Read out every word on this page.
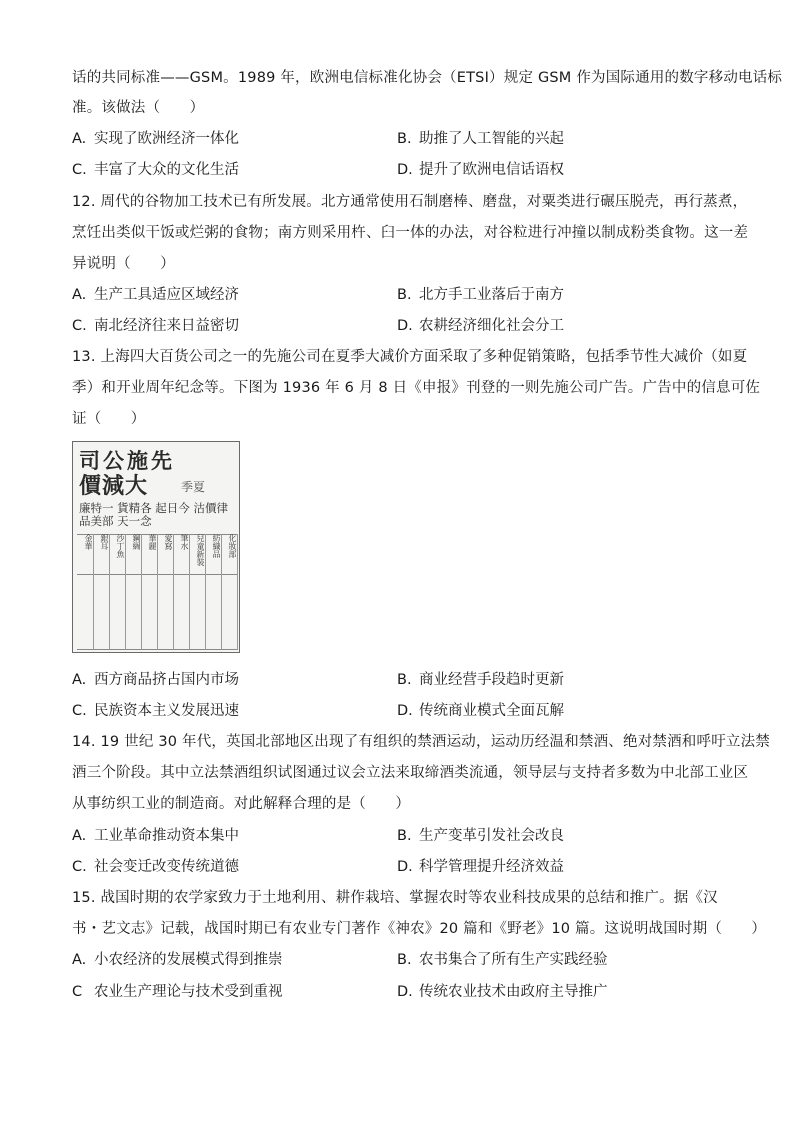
话的共同标准——GSM。1989 年，欧洲电信标准化协会（ETSI）规定 GSM 作为国际通用的数字移动电话标
准。该做法（　　）
A. 实现了欧洲经济一体化	B. 助推了人工智能的兴起
C. 丰富了大众的文化生活	D. 提升了欧洲电信话语权
12. 周代的谷物加工技术已有所发展。北方通常使用石制磨棒、磨盘，对粟类进行碾压脱壳，再行蒸煮，
烹饪出类似干饭或烂粥的食物；南方则采用杵、臼一体的办法，对谷粒进行冲撞以制成粉类食物。这一差
异说明（　　）
A. 生产工具适应区域经济	B. 北方手工业落后于南方
C. 南北经济往来日益密切	D. 农耕经济细化社会分工
13. 上海四大百货公司之一的先施公司在夏季大减价方面采取了多种促销策略，包括季节性大减价（如夏
季）和开业周年纪念等。下图为 1936 年 6 月 8 日《申报》刊登的一则先施公司广告。广告中的信息可佐
证（　　）
司公施先
價減大	季夏
廉特一 貨精各 起日今 沽價律 品美部 天一念
化妝部
紡織品
兒童新裝
筆水
愛寫
華麗
鋼綢
沙丁魚
銀耳
金華
A. 西方商品挤占国内市场	B. 商业经营手段趋时更新
C. 民族资本主义发展迅速	D. 传统商业模式全面瓦解
14. 19 世纪 30 年代，英国北部地区出现了有组织的禁酒运动，运动历经温和禁酒、绝对禁酒和呼吁立法禁
酒三个阶段。其中立法禁酒组织试图通过议会立法来取缔酒类流通，领导层与支持者多数为中北部工业区
从事纺织工业的制造商。对此解释合理的是（　　）
A. 工业革命推动资本集中	B. 生产变革引发社会改良
C. 社会变迁改变传统道德	D. 科学管理提升经济效益
15. 战国时期的农学家致力于土地利用、耕作栽培、掌握农时等农业科技成果的总结和推广。据《汉
书・艺文志》记载，战国时期已有农业专门著作《神农》20 篇和《野老》10 篇。这说明战国时期（　　）
A. 小农经济的发展模式得到推崇	B. 农书集合了所有生产实践经验
C 农业生产理论与技术受到重视	D. 传统农业技术由政府主导推广
